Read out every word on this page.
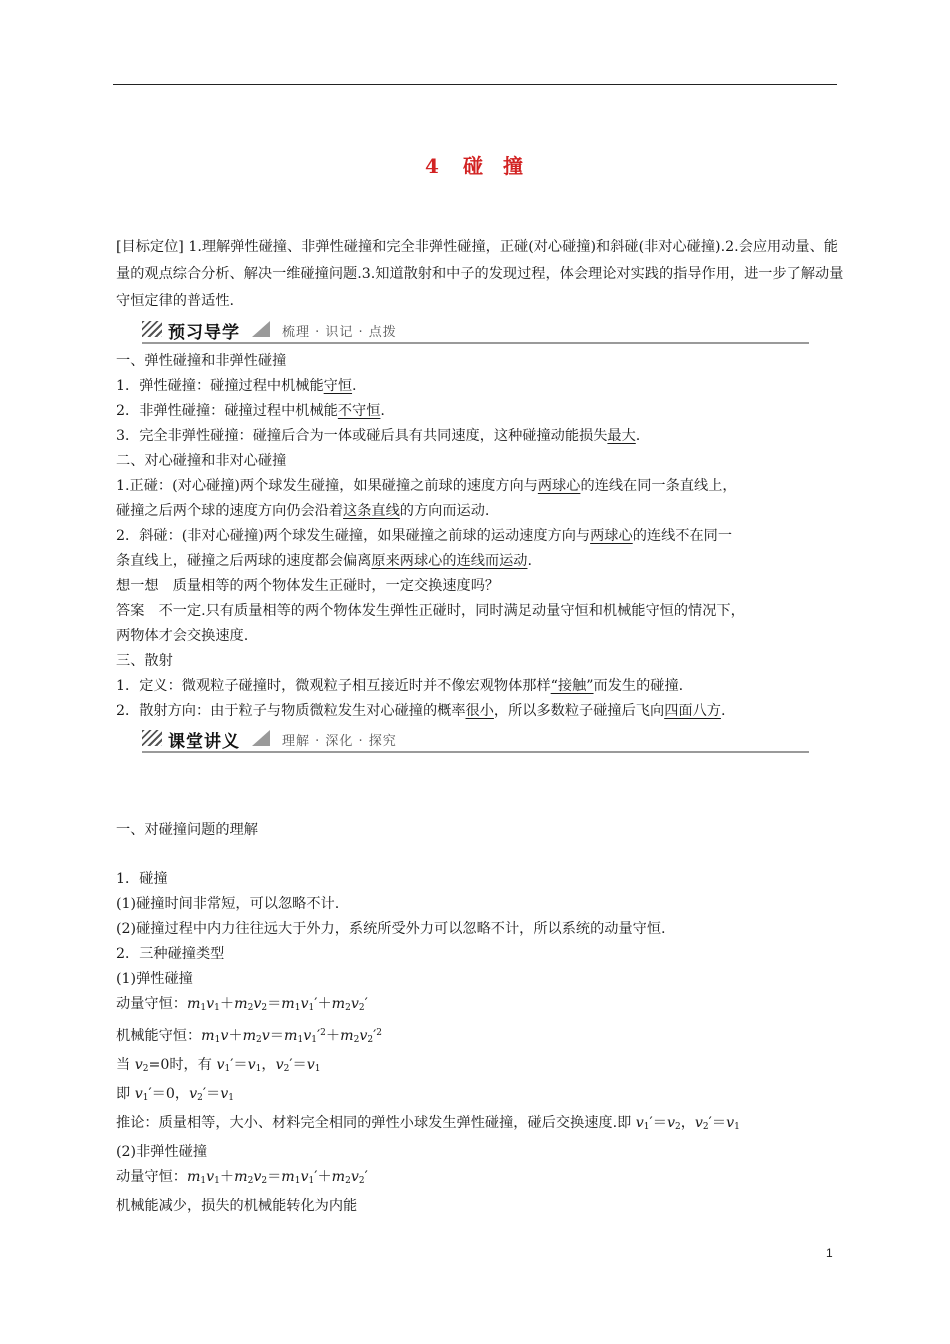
4 碰 撞

[目标定位] 1.理解弹性碰撞、非弹性碰撞和完全非弹性碰撞，正碰(对心碰撞)和斜碰(非对心碰撞).2.会应用动量、能量的观点综合分析、解决一维碰撞问题.3.知道散射和中子的发现过程，体会理论对实践的指导作用，进一步了解动量守恒定律的普适性.

预习导学	梳理 · 识记 · 点拨

一、弹性碰撞和非弹性碰撞

1．弹性碰撞：碰撞过程中机械能守恒.

2．非弹性碰撞：碰撞过程中机械能不守恒.

3．完全非弹性碰撞：碰撞后合为一体或碰后具有共同速度，这种碰撞动能损失最大.

二、对心碰撞和非对心碰撞

1.正碰：(对心碰撞)两个球发生碰撞，如果碰撞之前球的速度方向与两球心的连线在同一条直线上，

碰撞之后两个球的速度方向仍会沿着这条直线的方向而运动.

2．斜碰：(非对心碰撞)两个球发生碰撞，如果碰撞之前球的运动速度方向与两球心的连线不在同一

条直线上，碰撞之后两球的速度都会偏离原来两球心的连线而运动.

想一想　质量相等的两个物体发生正碰时，一定交换速度吗？

答案　不一定.只有质量相等的两个物体发生弹性正碰时，同时满足动量守恒和机械能守恒的情况下，

两物体才会交换速度.

三、散射

1．定义：微观粒子碰撞时，微观粒子相互接近时并不像宏观物体那样“接触”而发生的碰撞.

2．散射方向：由于粒子与物质微粒发生对心碰撞的概率很小，所以多数粒子碰撞后飞向四面八方.

课堂讲义	理解 · 深化 · 探究

一、对碰撞问题的理解

1．碰撞

(1)碰撞时间非常短，可以忽略不计.

(2)碰撞过程中内力往往远大于外力，系统所受外力可以忽略不计，所以系统的动量守恒.

2．三种碰撞类型

(1)弹性碰撞

动量守恒：$m_1v_1+m_2v_2=m_1v_1'+m_2v_2'$

机械能守恒：$m_1v+m_2v=m_1v_1'^2+m_2v_2'^2$

当 $v_2=0$时，有 $v_1'=v_1$，$v_2'=v_1$

即 $v_1'=0$，$v_2'=v_1$

推论：质量相等，大小、材料完全相同的弹性小球发生弹性碰撞，碰后交换速度.即 $v_1'=v_2$，$v_2'=v_1$

(2)非弹性碰撞

动量守恒：$m_1v_1+m_2v_2=m_1v_1'+m_2v_2'$

机械能减少，损失的机械能转化为内能

1
